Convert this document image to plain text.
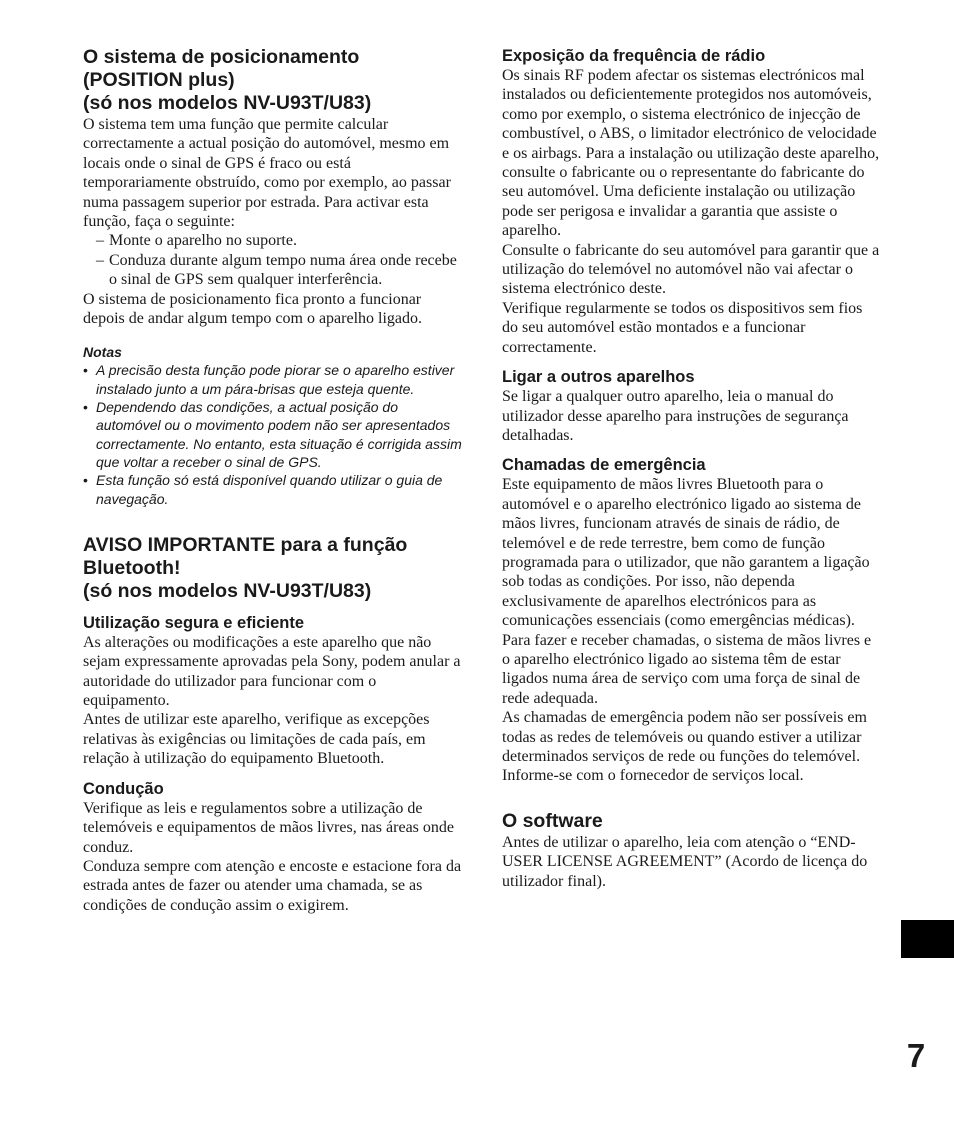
O sistema de posicionamento
(POSITION plus)
(só nos modelos NV-U93T/U83)

O sistema tem uma função que permite calcular correctamente a actual posição do automóvel, mesmo em locais onde o sinal de GPS é fraco ou está temporariamente obstruído, como por exemplo, ao passar numa passagem superior por estrada. Para activar esta função, faça o seguinte:

– Monte o aparelho no suporte.

– Conduza durante algum tempo numa área onde recebe o sinal de GPS sem qualquer interferência.

O sistema de posicionamento fica pronto a funcionar depois de andar algum tempo com o aparelho ligado.

Notas

• A precisão desta função pode piorar se o aparelho estiver instalado junto a um pára-brisas que esteja quente.

• Dependendo das condições, a actual posição do automóvel ou o movimento podem não ser apresentados correctamente. No entanto, esta situação é corrigida assim que voltar a receber o sinal de GPS.

• Esta função só está disponível quando utilizar o guia de navegação.

AVISO IMPORTANTE para a função
Bluetooth!
(só nos modelos NV-U93T/U83)
Utilização segura e eficiente

As alterações ou modificações a este aparelho que não sejam expressamente aprovadas pela Sony, podem anular a autoridade do utilizador para funcionar com o equipamento.

Antes de utilizar este aparelho, verifique as excepções relativas às exigências ou limitações de cada país, em relação à utilização do equipamento Bluetooth.

Condução

Verifique as leis e regulamentos sobre a utilização de telemóveis e equipamentos de mãos livres, nas áreas onde conduz.

Conduza sempre com atenção e encoste e estacione fora da estrada antes de fazer ou atender uma chamada, se as condições de condução assim o exigirem.

Exposição da frequência de rádio

Os sinais RF podem afectar os sistemas electrónicos mal instalados ou deficientemente protegidos nos automóveis, como por exemplo, o sistema electrónico de injecção de combustível, o ABS, o limitador electrónico de velocidade e os airbags. Para a instalação ou utilização deste aparelho, consulte o fabricante ou o representante do fabricante do seu automóvel. Uma deficiente instalação ou utilização pode ser perigosa e invalidar a garantia que assiste o aparelho.

Consulte o fabricante do seu automóvel para garantir que a utilização do telemóvel no automóvel não vai afectar o sistema electrónico deste.

Verifique regularmente se todos os dispositivos sem fios do seu automóvel estão montados e a funcionar correctamente.

Ligar a outros aparelhos

Se ligar a qualquer outro aparelho, leia o manual do utilizador desse aparelho para instruções de segurança detalhadas.

Chamadas de emergência

Este equipamento de mãos livres Bluetooth para o automóvel e o aparelho electrónico ligado ao sistema de mãos livres, funcionam através de sinais de rádio, de telemóvel e de rede terrestre, bem como de função programada para o utilizador, que não garantem a ligação sob todas as condições. Por isso, não dependa exclusivamente de aparelhos electrónicos para as comunicações essenciais (como emergências médicas).

Para fazer e receber chamadas, o sistema de mãos livres e o aparelho electrónico ligado ao sistema têm de estar ligados numa área de serviço com uma força de sinal de rede adequada.

As chamadas de emergência podem não ser possíveis em todas as redes de telemóveis ou quando estiver a utilizar determinados serviços de rede ou funções do telemóvel.

Informe-se com o fornecedor de serviços local.

O software

Antes de utilizar o aparelho, leia com atenção o “END-USER LICENSE AGREEMENT” (Acordo de licença do utilizador final).

7
